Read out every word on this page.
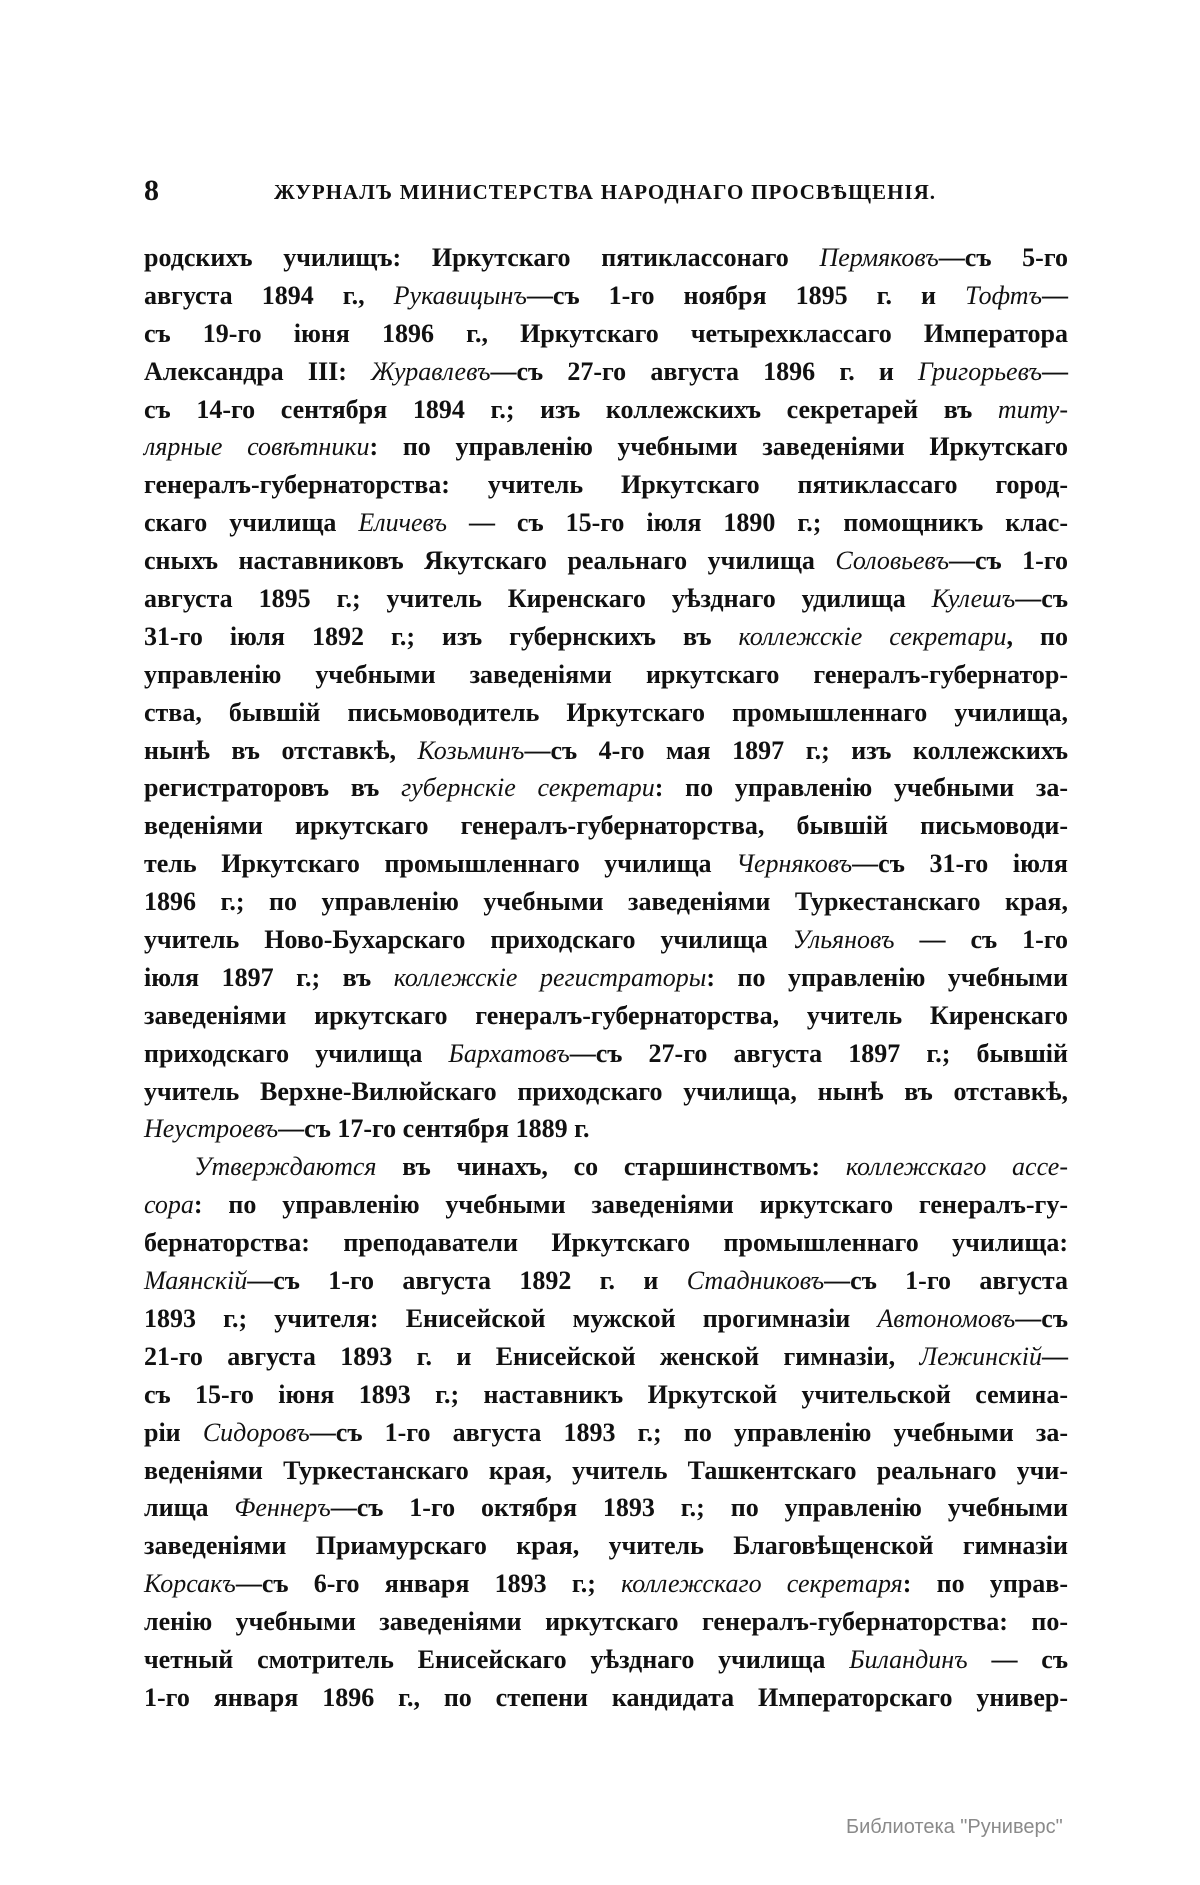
8	ЖУРНАЛЪ МИНИСТЕРСТВА НАРОДНАГО ПРОСВѢЩЕНІЯ.
родскихъ училищъ: Иркутскаго пятиклассонаго Пермяковъ—съ 5-го
августа 1894 г., Рукавицынъ—съ 1-го ноября 1895 г. и Тофтъ—
съ 19-го іюня 1896 г., Иркутскаго четырехклассаго Императора
Александра III: Журавлевъ—съ 27-го августа 1896 г. и Григорьевъ—
съ 14-го сентября 1894 г.; изъ коллежскихъ секретарей въ титу-
лярные совѣтники: по управленію учебными заведеніями Иркутскаго
генералъ-губернаторства: учитель Иркутскаго пятиклассаго город-
скаго училища Еличевъ — съ 15-го іюля 1890 г.; помощникъ клас-
сныхъ наставниковъ Якутскаго реальнаго училища Соловьевъ—съ 1-го
августа 1895 г.; учитель Киренскаго уѣзднаго удилища Кулешъ—съ
31-го іюля 1892 г.; изъ губернскихъ въ коллежскіе секретари, по
управленію учебными заведеніями иркутскаго генералъ-губернатор-
ства, бывшій письмоводитель Иркутскаго промышленнаго училища,
нынѣ въ отставкѣ, Козьминъ—съ 4-го мая 1897 г.; изъ коллежскихъ
регистраторовъ въ губернскіе секретари: по управленію учебными за-
веденіями иркутскаго генералъ-губернаторства, бывшій письмоводи-
тель Иркутскаго промышленнаго училища Черняковъ—съ 31-го іюля
1896 г.; по управленію учебными заведеніями Туркестанскаго края,
учитель Ново-Бухарскаго приходскаго училища Ульяновъ — съ 1-го
іюля 1897 г.; въ коллежскіе регистраторы: по управленію учебными
заведеніями иркутскаго генералъ-губернаторства, учитель Киренскаго
приходскаго училища Бархатовъ—съ 27-го августа 1897 г.; бывшій
учитель Верхне-Вилюйскаго приходскаго училища, нынѣ въ отставкѣ,
Неустроевъ—съ 17-го сентября 1889 г.
Утверждаются въ чинахъ, со старшинствомъ: коллежскаго ассе-
сора: по управленію учебными заведеніями иркутскаго генералъ-гу-
бернаторства: преподаватели Иркутскаго промышленнаго училища:
Маянскій—съ 1-го августа 1892 г. и Стадниковъ—съ 1-го августа
1893 г.; учителя: Енисейской мужской прогимназіи Автономовъ—съ
21-го августа 1893 г. и Енисейской женской гимназіи, Лежинскій—
съ 15-го іюня 1893 г.; наставникъ Иркутской учительской семина-
ріи Сидоровъ—съ 1-го августа 1893 г.; по управленію учебными за-
веденіями Туркестанскаго края, учитель Ташкентскаго реальнаго учи-
лища Феннеръ—съ 1-го октября 1893 г.; по управленію учебными
заведеніями Приамурскаго края, учитель Благовѣщенской гимназіи
Корсакъ—съ 6-го января 1893 г.; коллежскаго секретаря: по управ-
ленію учебными заведеніями иркутскаго генералъ-губернаторства: по-
четный смотритель Енисейскаго уѣзднаго училища Биландинъ — съ
1-го января 1896 г., по степени кандидата Императорскаго универ-
Библиотека "Руниверс"
